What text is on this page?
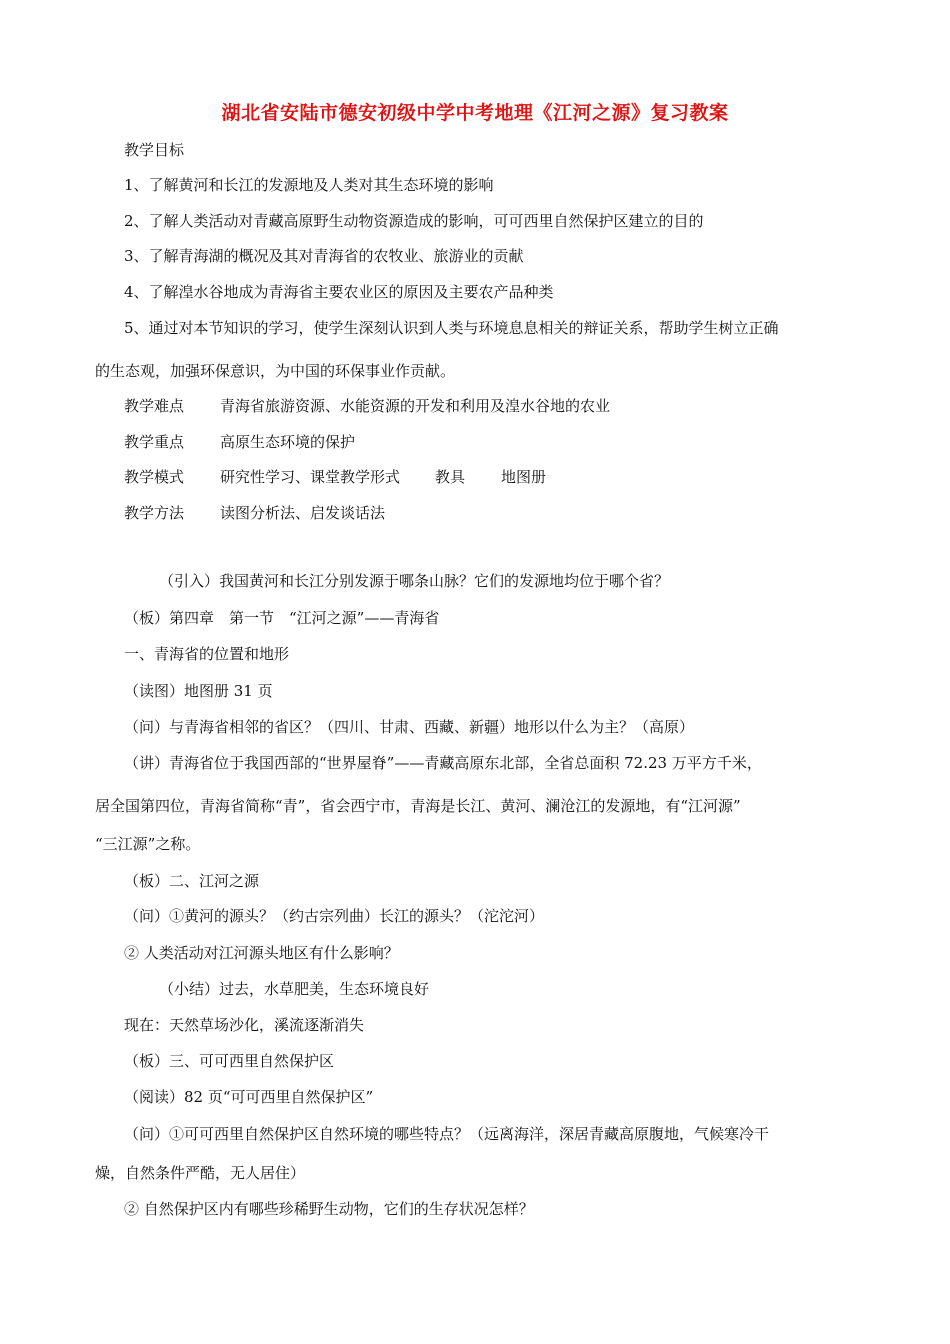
湖北省安陆市德安初级中学中考地理《江河之源》复习教案
教学目标
1、了解黄河和长江的发源地及人类对其生态环境的影响
2、了解人类活动对青藏高原野生动物资源造成的影响，可可西里自然保护区建立的目的
3、了解青海湖的概况及其对青海省的农牧业、旅游业的贡献
4、了解湟水谷地成为青海省主要农业区的原因及主要农产品种类
5、通过对本节知识的学习，使学生深刻认识到人类与环境息息相关的辩证关系，帮助学生树立正确
的生态观，加强环保意识，为中国的环保事业作贡献。
教学难点 青海省旅游资源、水能资源的开发和利用及湟水谷地的农业
教学重点 高原生态环境的保护
教学模式 研究性学习、课堂教学形式 教具 地图册
教学方法 读图分析法、启发谈话法
（引入）我国黄河和长江分别发源于哪条山脉？它们的发源地均位于哪个省？
（板）第四章　第一节　“江河之源”——青海省
一、青海省的位置和地形
（读图）地图册 31 页
（问）与青海省相邻的省区？（四川、甘肃、西藏、新疆）地形以什么为主？（高原）
（讲）青海省位于我国西部的“世界屋脊”——青藏高原东北部，全省总面积 72.23 万平方千米，
居全国第四位，青海省简称“青”，省会西宁市，青海是长江、黄河、澜沧江的发源地，有“江河源”
“三江源”之称。
（板）二、江河之源
（问）①黄河的源头？（约古宗列曲）长江的源头？（沱沱河）
② 人类活动对江河源头地区有什么影响？
（小结）过去，水草肥美，生态环境良好
现在：天然草场沙化，溪流逐渐消失
（板）三、可可西里自然保护区
（阅读）82 页“可可西里自然保护区”
（问）①可可西里自然保护区自然环境的哪些特点？（远离海洋，深居青藏高原腹地，气候寒冷干
燥，自然条件严酷，无人居住）
② 自然保护区内有哪些珍稀野生动物，它们的生存状况怎样？
